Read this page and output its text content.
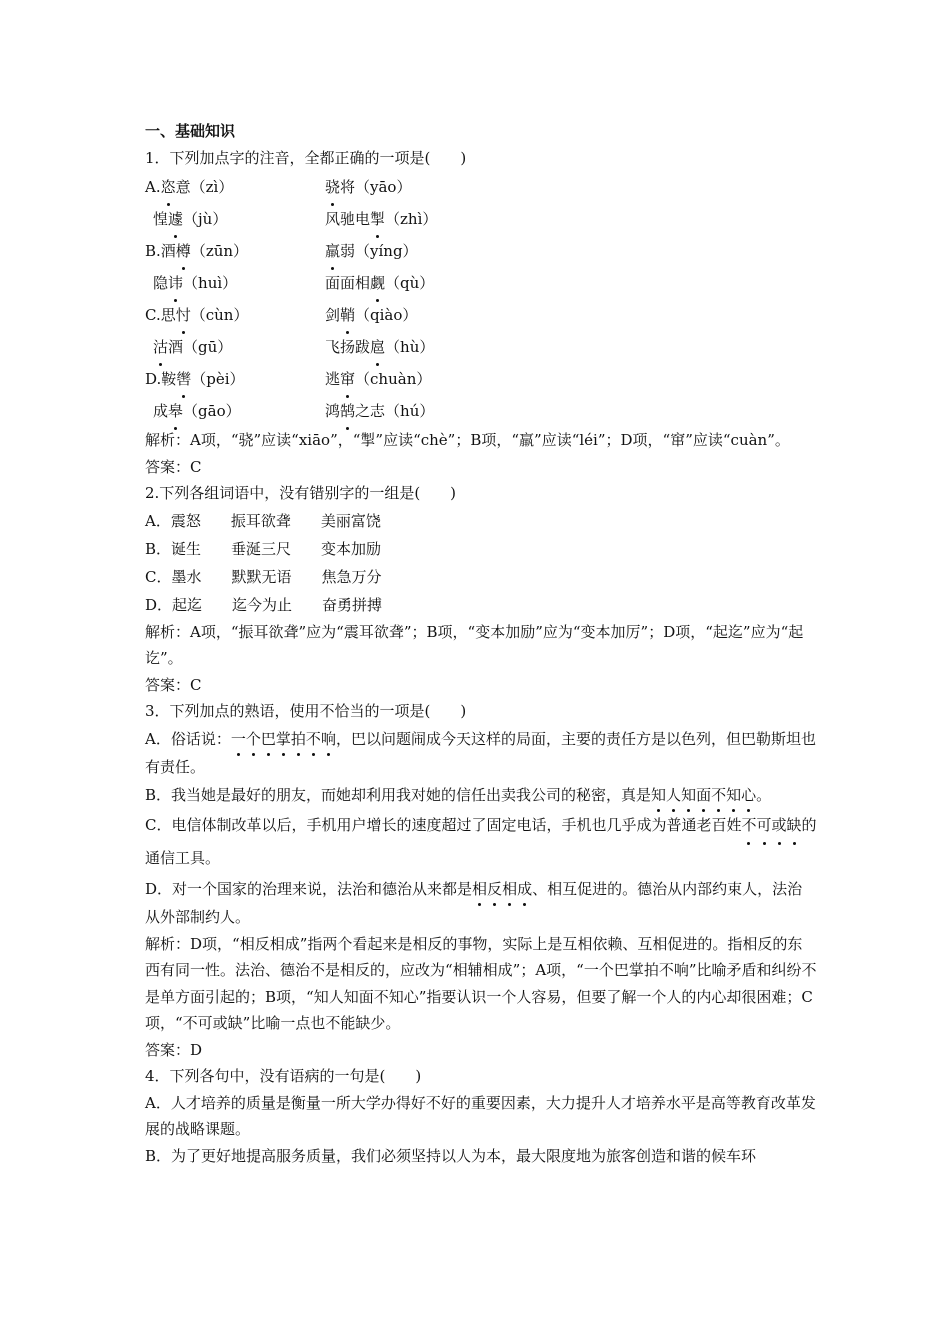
一、基础知识
1．下列加点字的注音，全都正确的一项是(　　)
A.恣意（zì）	骁将（yāo）
惶遽（jù）	风驰电掣（zhì）
B.酒樽（zūn）	羸弱（yíng）
隐讳（huì）	面面相觑（qù）
C.思忖（cùn）	剑鞘（qiào）
沽酒（gū）	飞扬跋扈（hù）
D.鞍辔（pèi）	逃窜（chuàn）
成皋（gāo）	鸿鹄之志（hú）
解析：A项，“骁”应读“xiāo”，“掣”应读“chè”；B项，“羸”应读“léi”；D项，“窜”应读“cuàn”。
答案：C
2.下列各组词语中，没有错别字的一组是(　　)
A．震怒　　振耳欲聋　　美丽富饶
B．诞生　　垂涎三尺　　变本加励
C．墨水　　默默无语　　焦急万分
D．起迄　　迄今为止　　奋勇拼搏
解析：A项，“振耳欲聋”应为“震耳欲聋”；B项，“变本加励”应为“变本加厉”；D项，“起迄”应为“起讫”。
答案：C
3．下列加点的熟语，使用不恰当的一项是(　　)
A．俗话说：一个巴掌拍不响，巴以问题闹成今天这样的局面，主要的责任方是以色列，但巴勒斯坦也有责任。
B．我当她是最好的朋友，而她却利用我对她的信任出卖我公司的秘密，真是知人知面不知心。
C．电信体制改革以后，手机用户增长的速度超过了固定电话，手机也几乎成为普通老百姓不可或缺的通信工具。
D．对一个国家的治理来说，法治和德治从来都是相反相成、相互促进的。德治从内部约束人，法治从外部制约人。
解析：D项，“相反相成”指两个看起来是相反的事物，实际上是互相依赖、互相促进的。指相反的东西有同一性。法治、德治不是相反的，应改为“相辅相成”；A项，“一个巴掌拍不响”比喻矛盾和纠纷不是单方面引起的；B项，“知人知面不知心”指要认识一个人容易，但要了解一个人的内心却很困难；C项，“不可或缺”比喻一点也不能缺少。
答案：D
4．下列各句中，没有语病的一句是(　　)
A．人才培养的质量是衡量一所大学办得好不好的重要因素，大力提升人才培养水平是高等教育改革发展的战略课题。
B．为了更好地提高服务质量，我们必须坚持以人为本，最大限度地为旅客创造和谐的候车环
